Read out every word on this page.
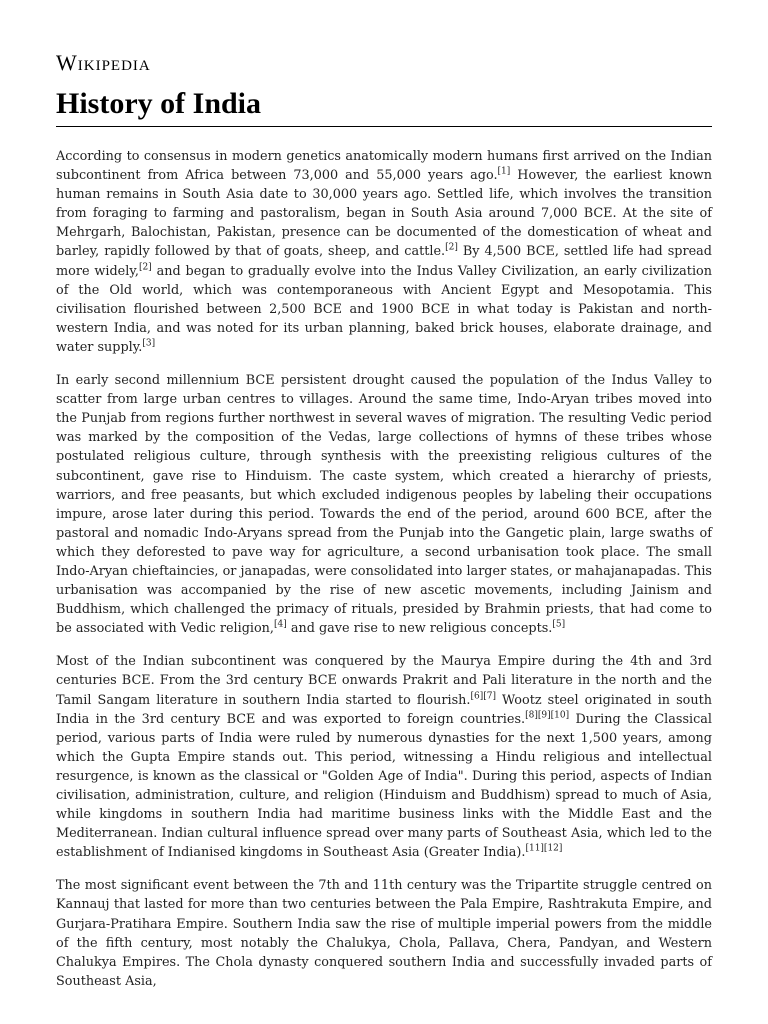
Wikipedia
History of India

According to consensus in modern genetics anatomically modern humans first arrived on the Indian subcontinent from Africa between 73,000 and 55,000 years ago.[1] However, the earliest known human remains in South Asia date to 30,000 years ago. Settled life, which involves the transition from foraging to farming and pastoralism, began in South Asia around 7,000 BCE. At the site of Mehrgarh, Balochistan, Pakistan, presence can be documented of the domestication of wheat and barley, rapidly followed by that of goats, sheep, and cattle.[2] By 4,500 BCE, settled life had spread more widely,[2] and began to gradually evolve into the Indus Valley Civilization, an early civilization of the Old world, which was contemporaneous with Ancient Egypt and Mesopotamia. This civilisation flourished between 2,500 BCE and 1900 BCE in what today is Pakistan and north-western India, and was noted for its urban planning, baked brick houses, elaborate drainage, and water supply.[3]

In early second millennium BCE persistent drought caused the population of the Indus Valley to scatter from large urban centres to villages. Around the same time, Indo-Aryan tribes moved into the Punjab from regions further northwest in several waves of migration. The resulting Vedic period was marked by the composition of the Vedas, large collections of hymns of these tribes whose postulated religious culture, through synthesis with the preexisting religious cultures of the subcontinent, gave rise to Hinduism. The caste system, which created a hierarchy of priests, warriors, and free peasants, but which excluded indigenous peoples by labeling their occupations impure, arose later during this period. Towards the end of the period, around 600 BCE, after the pastoral and nomadic Indo-Aryans spread from the Punjab into the Gangetic plain, large swaths of which they deforested to pave way for agriculture, a second urbanisation took place. The small Indo-Aryan chieftaincies, or janapadas, were consolidated into larger states, or mahajanapadas. This urbanisation was accompanied by the rise of new ascetic movements, including Jainism and Buddhism, which challenged the primacy of rituals, presided by Brahmin priests, that had come to be associated with Vedic religion,[4] and gave rise to new religious concepts.[5]

Most of the Indian subcontinent was conquered by the Maurya Empire during the 4th and 3rd centuries BCE. From the 3rd century BCE onwards Prakrit and Pali literature in the north and the Tamil Sangam literature in southern India started to flourish.[6][7] Wootz steel originated in south India in the 3rd century BCE and was exported to foreign countries.[8][9][10] During the Classical period, various parts of India were ruled by numerous dynasties for the next 1,500 years, among which the Gupta Empire stands out. This period, witnessing a Hindu religious and intellectual resurgence, is known as the classical or "Golden Age of India". During this period, aspects of Indian civilisation, administration, culture, and religion (Hinduism and Buddhism) spread to much of Asia, while kingdoms in southern India had maritime business links with the Middle East and the Mediterranean. Indian cultural influence spread over many parts of Southeast Asia, which led to the establishment of Indianised kingdoms in Southeast Asia (Greater India).[11][12]

The most significant event between the 7th and 11th century was the Tripartite struggle centred on Kannauj that lasted for more than two centuries between the Pala Empire, Rashtrakuta Empire, and Gurjara-Pratihara Empire. Southern India saw the rise of multiple imperial powers from the middle of the fifth century, most notably the Chalukya, Chola, Pallava, Chera, Pandyan, and Western Chalukya Empires. The Chola dynasty conquered southern India and successfully invaded parts of Southeast Asia,
